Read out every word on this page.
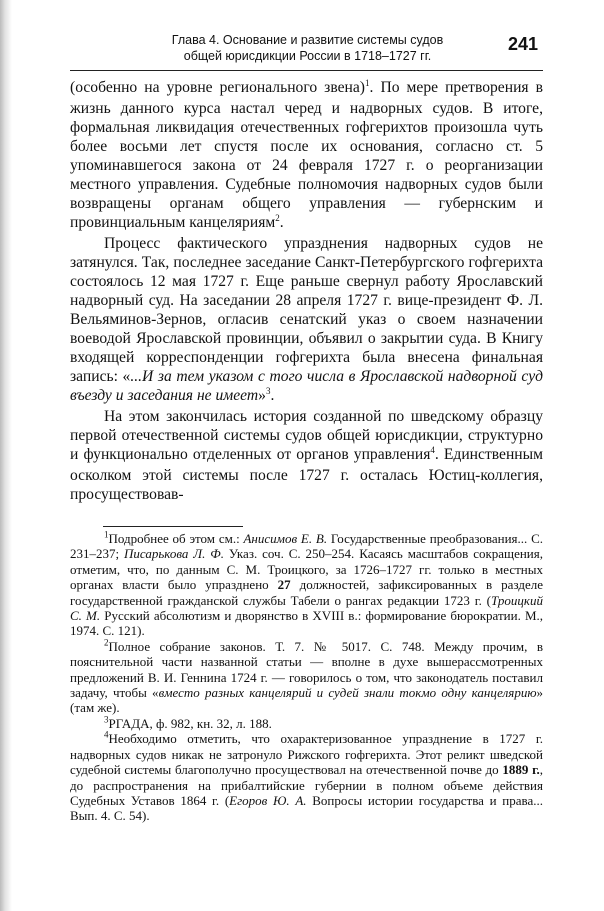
Глава 4. Основание и развитие системы судов
общей юрисдикции России в 1718–1727 гг.
241

(особенно на уровне регионального звена)$^1$. По мере претворения в жизнь данного курса настал черед и надворных судов. В итоге, формальная ликвидация отечественных гофгерихтов произошла чуть более восьми лет спустя после их основания, согласно ст. 5 упоминавшегося закона от 24 февраля 1727 г. о реорганизации местного управления. Судебные полномочия надворных судов были возвращены органам общего управления — губернским и провинциальным канцеляриям$^2$.

Процесс фактического упразднения надворных судов не затянулся. Так, последнее заседание Санкт-Петербургского гофгерихта состоялось 12 мая 1727 г. Еще раньше свернул работу Ярославский надворный суд. На заседании 28 апреля 1727 г. вице-президент Ф. Л. Вельяминов-Зернов, огласив сенатский указ о своем назначении воеводой Ярославской провинции, объявил о закрытии суда. В Книгу входящей корреспонденции гофгерихта была внесена финальная запись: «...И за тем указом с того числа в Ярославской надворной суд въезду и заседания не имеет»$^3$.

На этом закончилась история созданной по шведскому образцу первой отечественной системы судов общей юрисдикции, структурно и функционально отделенных от органов управления$^4$. Единственным осколком этой системы после 1727 г. осталась Юстиц-коллегия, просуществовав-

$^1$Подробнее об этом см.: Анисимов Е. В. Государственные преобразования... С. 231–237; Писарькова Л. Ф. Указ. соч. С. 250–254. Касаясь масштабов сокращения, отметим, что, по данным С. М. Троицкого, за 1726–1727 гг. только в местных органах власти было упразднено 27 должностей, зафиксированных в разделе государственной гражданской службы Табели о рангах редакции 1723 г. (Троицкий С. М. Русский абсолютизм и дворянство в XVIII в.: формирование бюрократии. М., 1974. С. 121).

$^2$Полное собрание законов. Т. 7. № 5017. С. 748. Между прочим, в пояснительной части названной статьи — вполне в духе вышерассмотренных предложений В. И. Геннина 1724 г. — говорилось о том, что законодатель поставил задачу, чтобы «вместо разных канцелярий и судей знали токмо одну канцелярию» (там же).

$^3$РГАДА, ф. 982, кн. 32, л. 188.

$^4$Необходимо отметить, что охарактеризованное упразднение в 1727 г. надворных судов никак не затронуло Рижского гофгерихта. Этот реликт шведской судебной системы благополучно просуществовал на отечественной почве до 1889 г., до распространения на прибалтийские губернии в полном объеме действия Судебных Уставов 1864 г. (Егоров Ю. А. Вопросы истории государства и права... Вып. 4. С. 54).
